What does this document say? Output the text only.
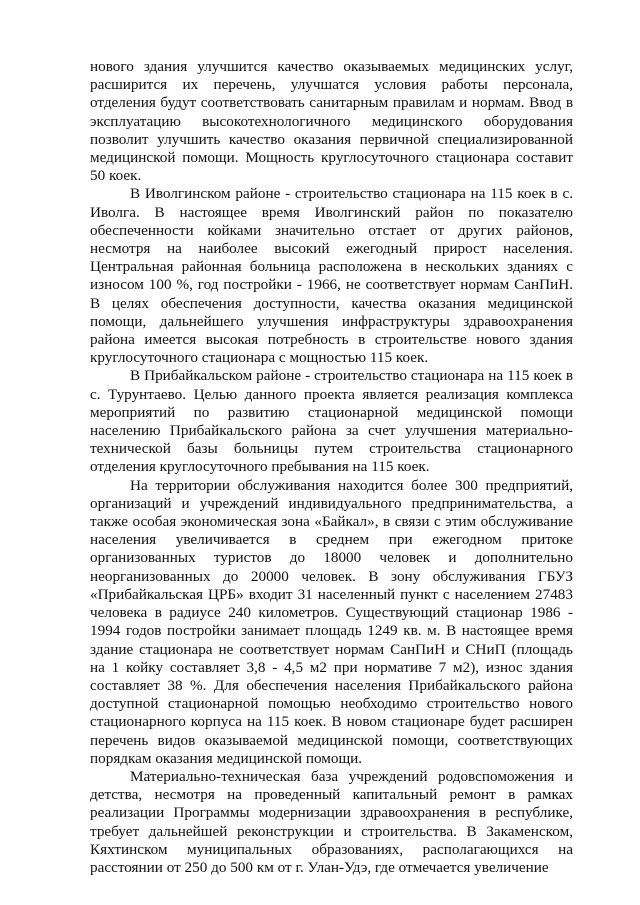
нового здания улучшится качество оказываемых медицинских услуг, расширится их перечень, улучшатся условия работы персонала, отделения будут соответствовать санитарным правилам и нормам. Ввод в эксплуатацию высокотехнологичного медицинского оборудования позволит улучшить качество оказания первичной специализированной медицинской помощи. Мощность круглосуточного стационара составит 50 коек.

В Иволгинском районе - строительство стационара на 115 коек в с. Иволга. В настоящее время Иволгинский район по показателю обеспеченности койками значительно отстает от других районов, несмотря на наиболее высокий ежегодный прирост населения. Центральная районная больница расположена в нескольких зданиях с износом 100 %, год постройки - 1966, не соответствует нормам СанПиН. В целях обеспечения доступности, качества оказания медицинской помощи, дальнейшего улучшения инфраструктуры здравоохранения района имеется высокая потребность в строительстве нового здания круглосуточного стационара с мощностью 115 коек.

В Прибайкальском районе - строительство стационара на 115 коек в с. Турунтаево. Целью данного проекта является реализация комплекса мероприятий по развитию стационарной медицинской помощи населению Прибайкальского района за счет улучшения материально-технической базы больницы путем строительства стационарного отделения круглосуточного пребывания на 115 коек.

На территории обслуживания находится более 300 предприятий, организаций и учреждений индивидуального предпринимательства, а также особая экономическая зона «Байкал», в связи с этим обслуживание населения увеличивается в среднем при ежегодном притоке организованных туристов до 18000 человек и дополнительно неорганизованных до 20000 человек. В зону обслуживания ГБУЗ «Прибайкальская ЦРБ» входит 31 населенный пункт с населением 27483 человека в радиусе 240 километров. Существующий стационар 1986 - 1994 годов постройки занимает площадь 1249 кв. м. В настоящее время здание стационара не соответствует нормам СанПиН и СНиП (площадь на 1 койку составляет 3,8 - 4,5 м2 при нормативе 7 м2), износ здания составляет 38 %. Для обеспечения населения Прибайкальского района доступной стационарной помощью необходимо строительство нового стационарного корпуса на 115 коек. В новом стационаре будет расширен перечень видов оказываемой медицинской помощи, соответствующих порядкам оказания медицинской помощи.

Материально-техническая база учреждений родовспоможения и детства, несмотря на проведенный капитальный ремонт в рамках реализации Программы модернизации здравоохранения в республике, требует дальнейшей реконструкции и строительства. В Закаменском, Кяхтинском муниципальных образованиях, располагающихся на расстоянии от 250 до 500 км от г. Улан-Удэ, где отмечается увеличение
